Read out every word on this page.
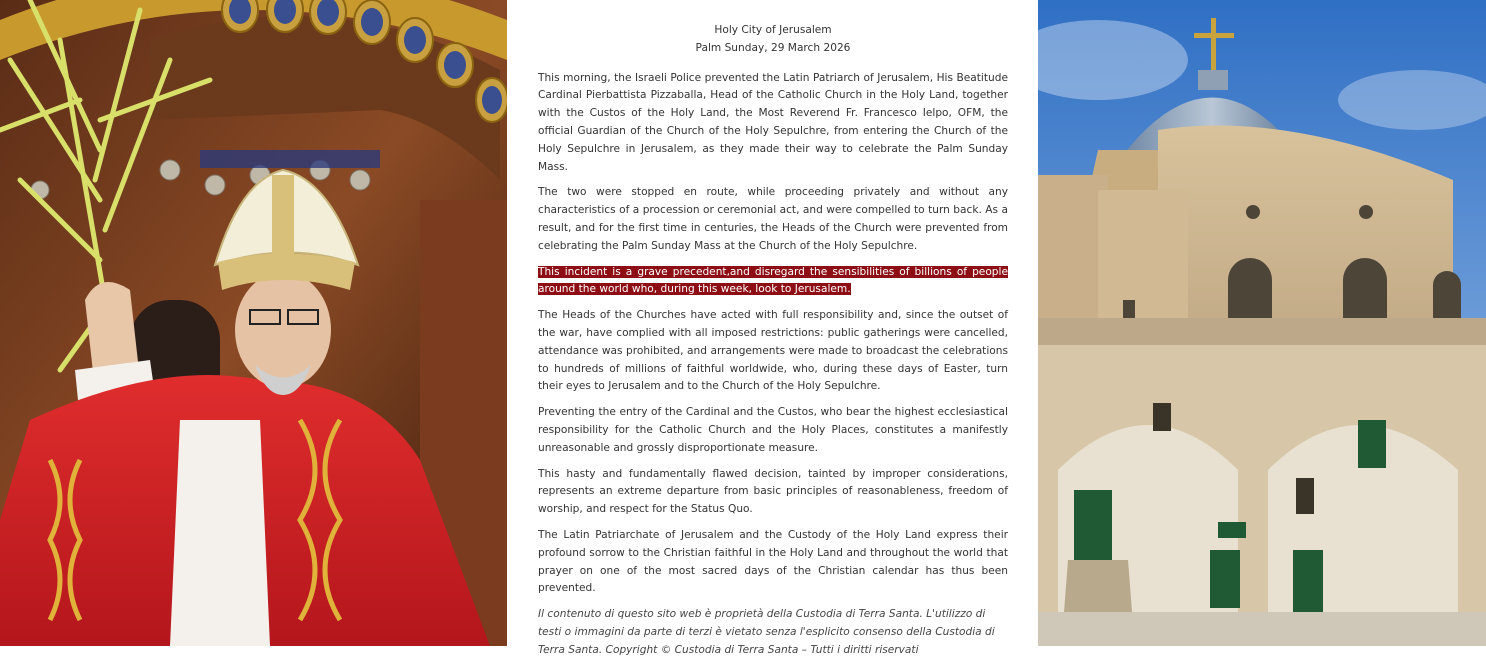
Holy City of Jerusalem
Palm Sunday, 29 March 2026

This morning, the Israeli Police prevented the Latin Patriarch of Jerusalem, His Beatitude Cardinal Pierbattista Pizzaballa, Head of the Catholic Church in the Holy Land, together with the Custos of the Holy Land, the Most Reverend Fr. Francesco Ielpo, OFM, the official Guardian of the Church of the Holy Sepulchre, from entering the Church of the Holy Sepulchre in Jerusalem, as they made their way to celebrate the Palm Sunday Mass.

The two were stopped en route, while proceeding privately and without any characteristics of a procession or ceremonial act, and were compelled to turn back. As a result, and for the first time in centuries, the Heads of the Church were prevented from celebrating the Palm Sunday Mass at the Church of the Holy Sepulchre.

This incident is a grave precedent,and disregard the sensibilities of billions of people around the world who, during this week, look to Jerusalem.

The Heads of the Churches have acted with full responsibility and, since the outset of the war, have complied with all imposed restrictions: public gatherings were cancelled, attendance was prohibited, and arrangements were made to broadcast the celebrations to hundreds of millions of faithful worldwide, who, during these days of Easter, turn their eyes to Jerusalem and to the Church of the Holy Sepulchre.

Preventing the entry of the Cardinal and the Custos, who bear the highest ecclesiastical responsibility for the Catholic Church and the Holy Places, constitutes a manifestly unreasonable and grossly disproportionate measure.

This hasty and fundamentally flawed decision, tainted by improper considerations, represents an extreme departure from basic principles of reasonableness, freedom of worship, and respect for the Status Quo.

The Latin Patriarchate of Jerusalem and the Custody of the Holy Land express their profound sorrow to the Christian faithful in the Holy Land and throughout the world that prayer on one of the most sacred days of the Christian calendar has thus been prevented.

Il contenuto di questo sito web è proprietà della Custodia di Terra Santa. L'utilizzo di testi o immagini da parte di terzi è vietato senza l'esplicito consenso della Custodia di Terra Santa. Copyright © Custodia di Terra Santa – Tutti i diritti riservati
